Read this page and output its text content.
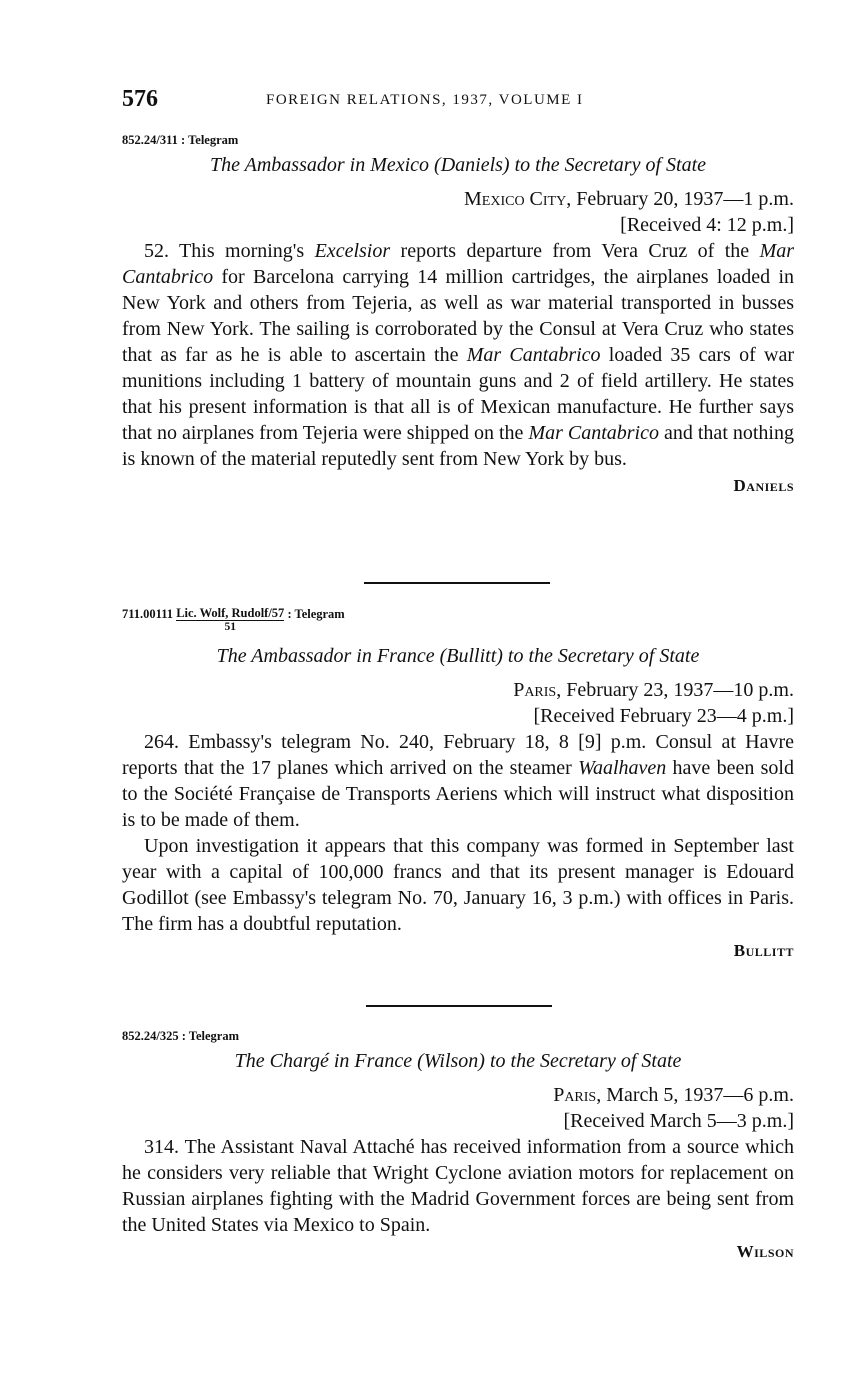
576	FOREIGN RELATIONS, 1937, VOLUME I
852.24/311 : Telegram
The Ambassador in Mexico (Daniels) to the Secretary of State
Mexico City, February 20, 1937—1 p.m.
[Received 4: 12 p.m.]

52. This morning's Excelsior reports departure from Vera Cruz of the Mar Cantabrico for Barcelona carrying 14 million cartridges, the airplanes loaded in New York and others from Tejeria, as well as war material transported in busses from New York. The sailing is corroborated by the Consul at Vera Cruz who states that as far as he is able to ascertain the Mar Cantabrico loaded 35 cars of war munitions including 1 battery of mountain guns and 2 of field artillery. He states that his present information is that all is of Mexican manufacture. He further says that no airplanes from Tejeria were shipped on the Mar Cantabrico and that nothing is known of the material reputedly sent from New York by bus.

Daniels
$711.00111 \frac{\text{Lic. Wolf, Rudolf/57}}{51}$ : Telegram
The Ambassador in France (Bullitt) to the Secretary of State
Paris, February 23, 1937—10 p.m.
[Received February 23—4 p.m.]

264. Embassy's telegram No. 240, February 18, 8 [9] p.m. Consul at Havre reports that the 17 planes which arrived on the steamer Waalhaven have been sold to the Société Française de Transports Aeriens which will instruct what disposition is to be made of them.

Upon investigation it appears that this company was formed in September last year with a capital of 100,000 francs and that its present manager is Edouard Godillot (see Embassy's telegram No. 70, January 16, 3 p.m.) with offices in Paris. The firm has a doubtful reputation.

Bullitt
852.24/325 : Telegram
The Chargé in France (Wilson) to the Secretary of State
Paris, March 5, 1937—6 p.m.
[Received March 5—3 p.m.]

314. The Assistant Naval Attaché has received information from a source which he considers very reliable that Wright Cyclone aviation motors for replacement on Russian airplanes fighting with the Madrid Government forces are being sent from the United States via Mexico to Spain.

Wilson
